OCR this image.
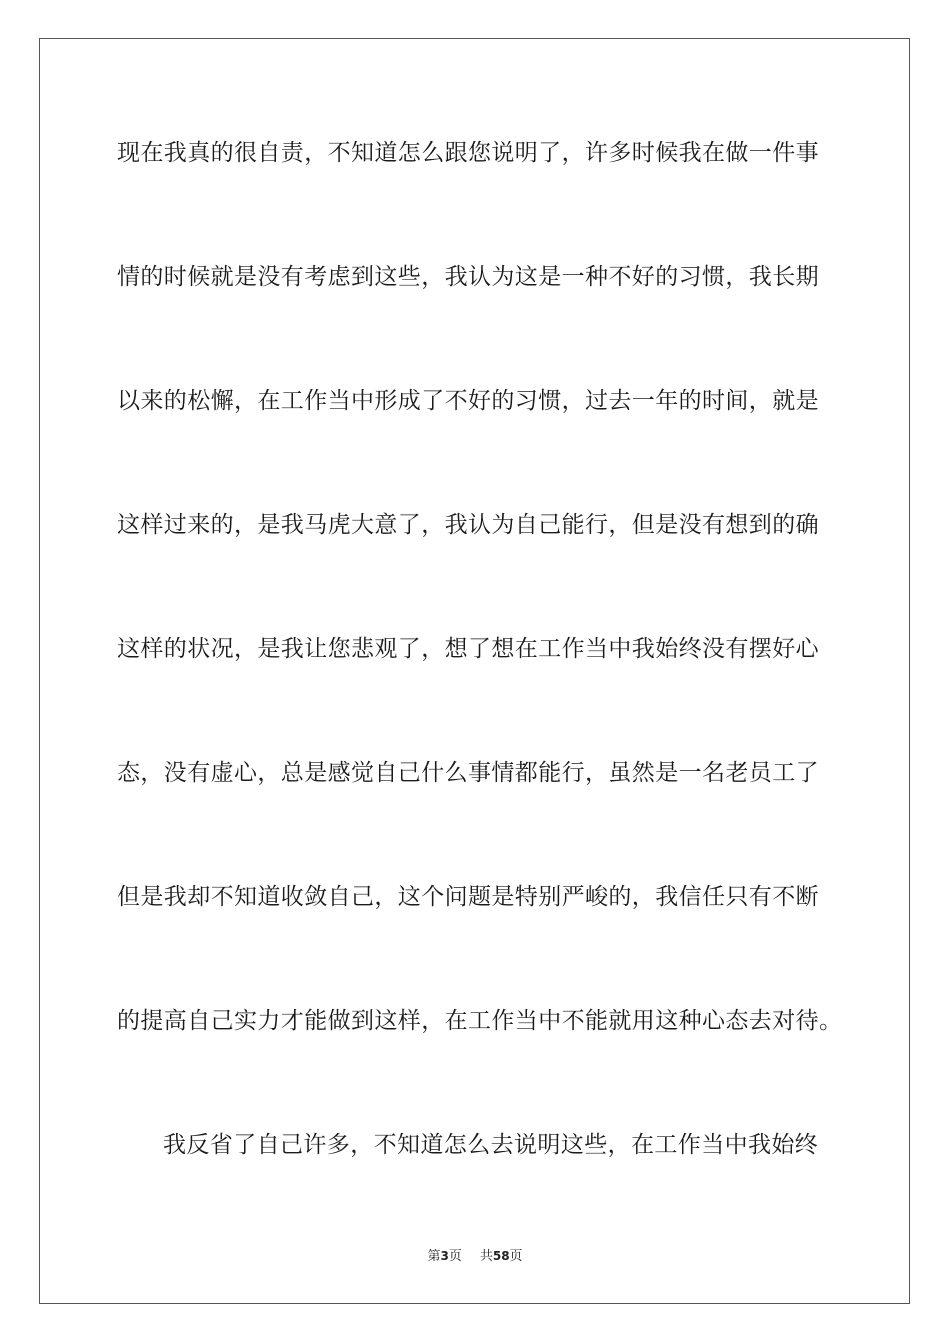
现在我真的很自责，不知道怎么跟您说明了，许多时候我在做一件事
情的时候就是没有考虑到这些，我认为这是一种不好的习惯，我长期
以来的松懈，在工作当中形成了不好的习惯，过去一年的时间，就是
这样过来的，是我马虎大意了，我认为自己能行，但是没有想到的确
这样的状况，是我让您悲观了，想了想在工作当中我始终没有摆好心
态，没有虚心，总是感觉自己什么事情都能行，虽然是一名老员工了
但是我却不知道收敛自己，这个问题是特别严峻的，我信任只有不断
的提高自己实力才能做到这样，在工作当中不能就用这种心态去对待。
我反省了自己许多，不知道怎么去说明这些，在工作当中我始终
第3页 共58页
